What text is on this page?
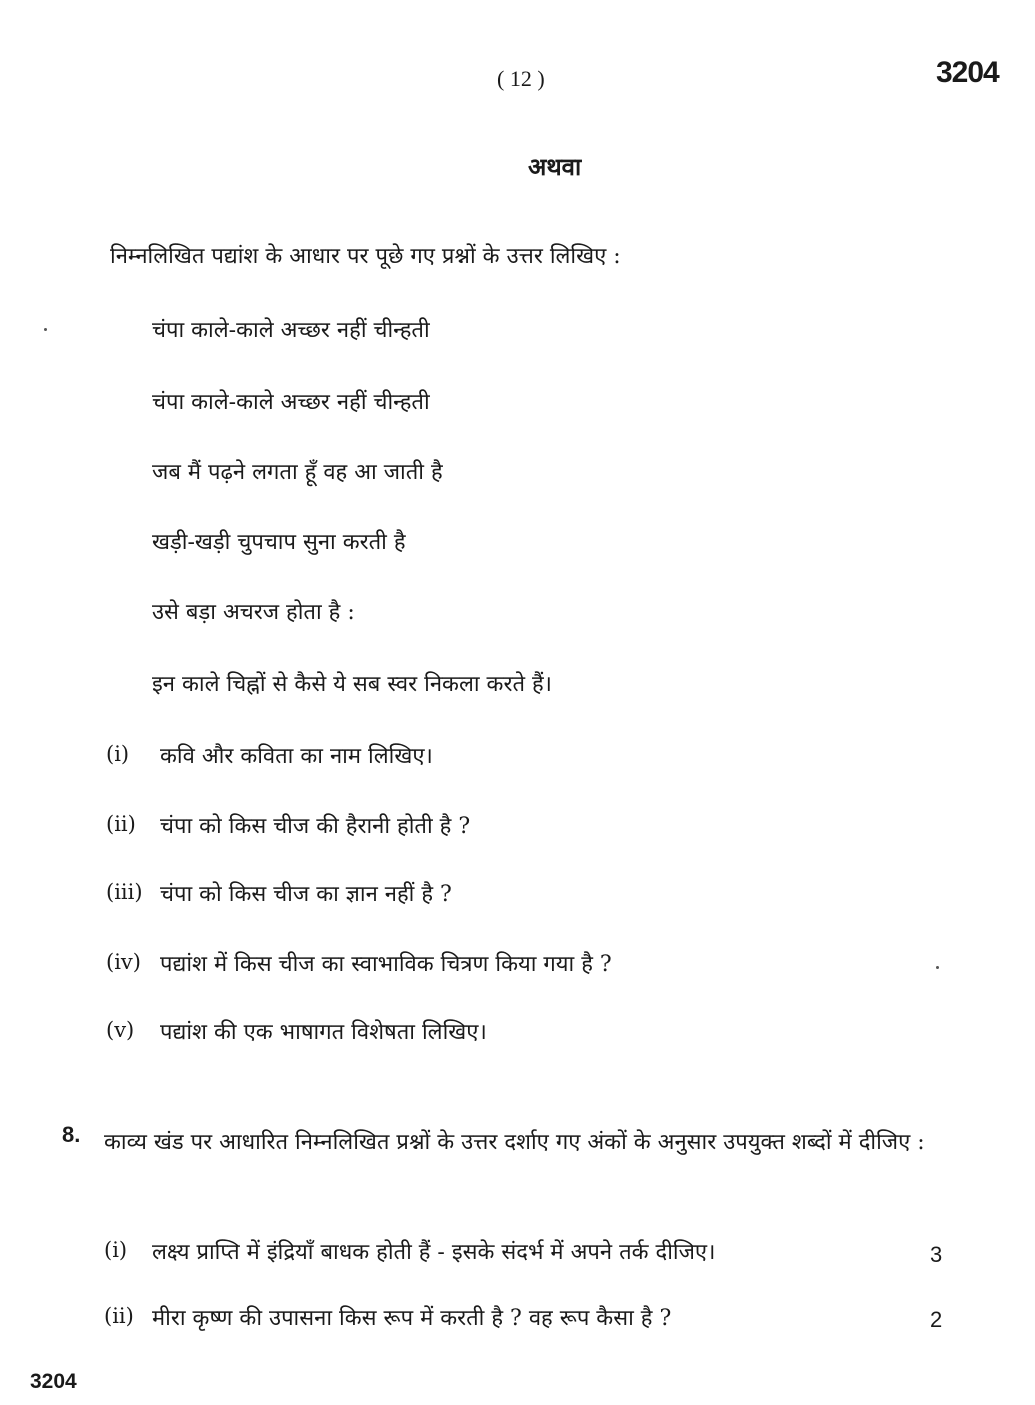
( 12 )	3204
अथवा
निम्नलिखित पद्यांश के आधार पर पूछे गए प्रश्नों के उत्तर लिखिए :
चंपा काले-काले अच्छर नहीं चीन्हती
चंपा काले-काले अच्छर नहीं चीन्हती
जब मैं पढ़ने लगता हूँ वह आ जाती है
खड़ी-खड़ी चुपचाप सुना करती है
उसे बड़ा अचरज होता है :
इन काले चिह्नों से कैसे ये सब स्वर निकला करते हैं।
(i) कवि और कविता का नाम लिखिए।
(ii) चंपा को किस चीज की हैरानी होती है ?
(iii) चंपा को किस चीज का ज्ञान नहीं है ?
(iv) पद्यांश में किस चीज का स्वाभाविक चित्रण किया गया है ?
(v) पद्यांश की एक भाषागत विशेषता लिखिए।
8. काव्य खंड पर आधारित निम्नलिखित प्रश्नों के उत्तर दर्शाए गए अंकों के अनुसार उपयुक्त शब्दों में दीजिए :
(i) लक्ष्य प्राप्ति में इंद्रियाँ बाधक होती हैं - इसके संदर्भ में अपने तर्क दीजिए।	3
(ii) मीरा कृष्ण की उपासना किस रूप में करती है ? वह रूप कैसा है ?	2
3204
